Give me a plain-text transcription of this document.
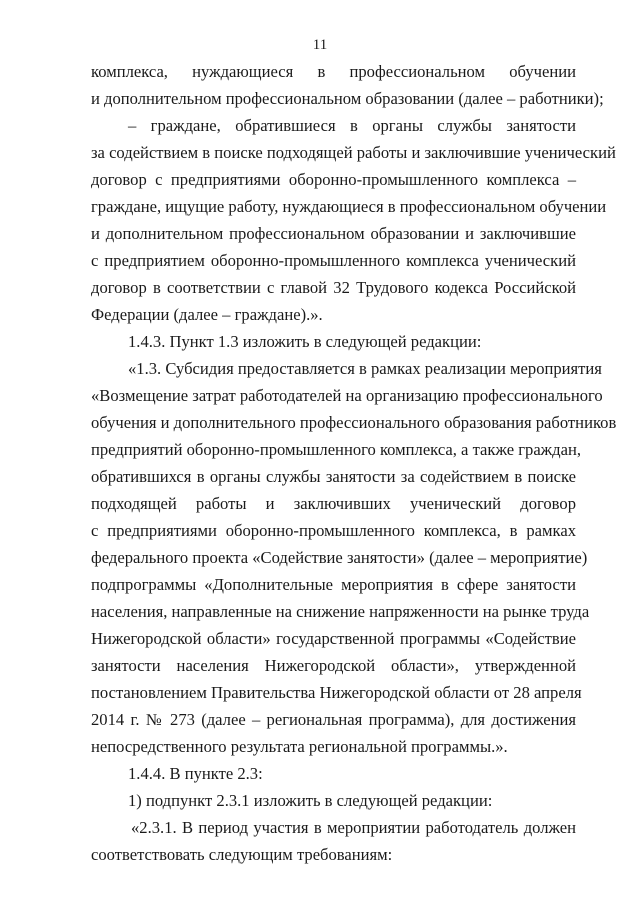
11
комплекса, нуждающиеся в профессиональном обучении
и дополнительном профессиональном образовании (далее – работники);
– граждане, обратившиеся в органы службы занятости
за содействием в поиске подходящей работы и заключившие ученический
договор с предприятиями оборонно-промышленного комплекса –
граждане, ищущие работу, нуждающиеся в профессиональном обучении
и дополнительном профессиональном образовании и заключившие
с предприятием оборонно-промышленного комплекса ученический
договор в соответствии с главой 32 Трудового кодекса Российской
Федерации (далее – граждане).».
1.4.3. Пункт 1.3 изложить в следующей редакции:
«1.3. Субсидия предоставляется в рамках реализации мероприятия
«Возмещение затрат работодателей на организацию профессионального
обучения и дополнительного профессионального образования работников
предприятий оборонно-промышленного комплекса, а также граждан,
обратившихся в органы службы занятости за содействием в поиске
подходящей работы и заключивших ученический договор
с предприятиями оборонно-промышленного комплекса, в рамках
федерального проекта «Содействие занятости» (далее – мероприятие)
подпрограммы «Дополнительные мероприятия в сфере занятости
населения, направленные на снижение напряженности на рынке труда
Нижегородской области» государственной программы «Содействие
занятости населения Нижегородской области», утвержденной
постановлением Правительства Нижегородской области от 28 апреля
2014 г. № 273 (далее – региональная программа), для достижения
непосредственного результата региональной программы.».
1.4.4. В пункте 2.3:
1) подпункт 2.3.1 изложить в следующей редакции:
«2.3.1. В период участия в мероприятии работодатель должен
соответствовать следующим требованиям:
